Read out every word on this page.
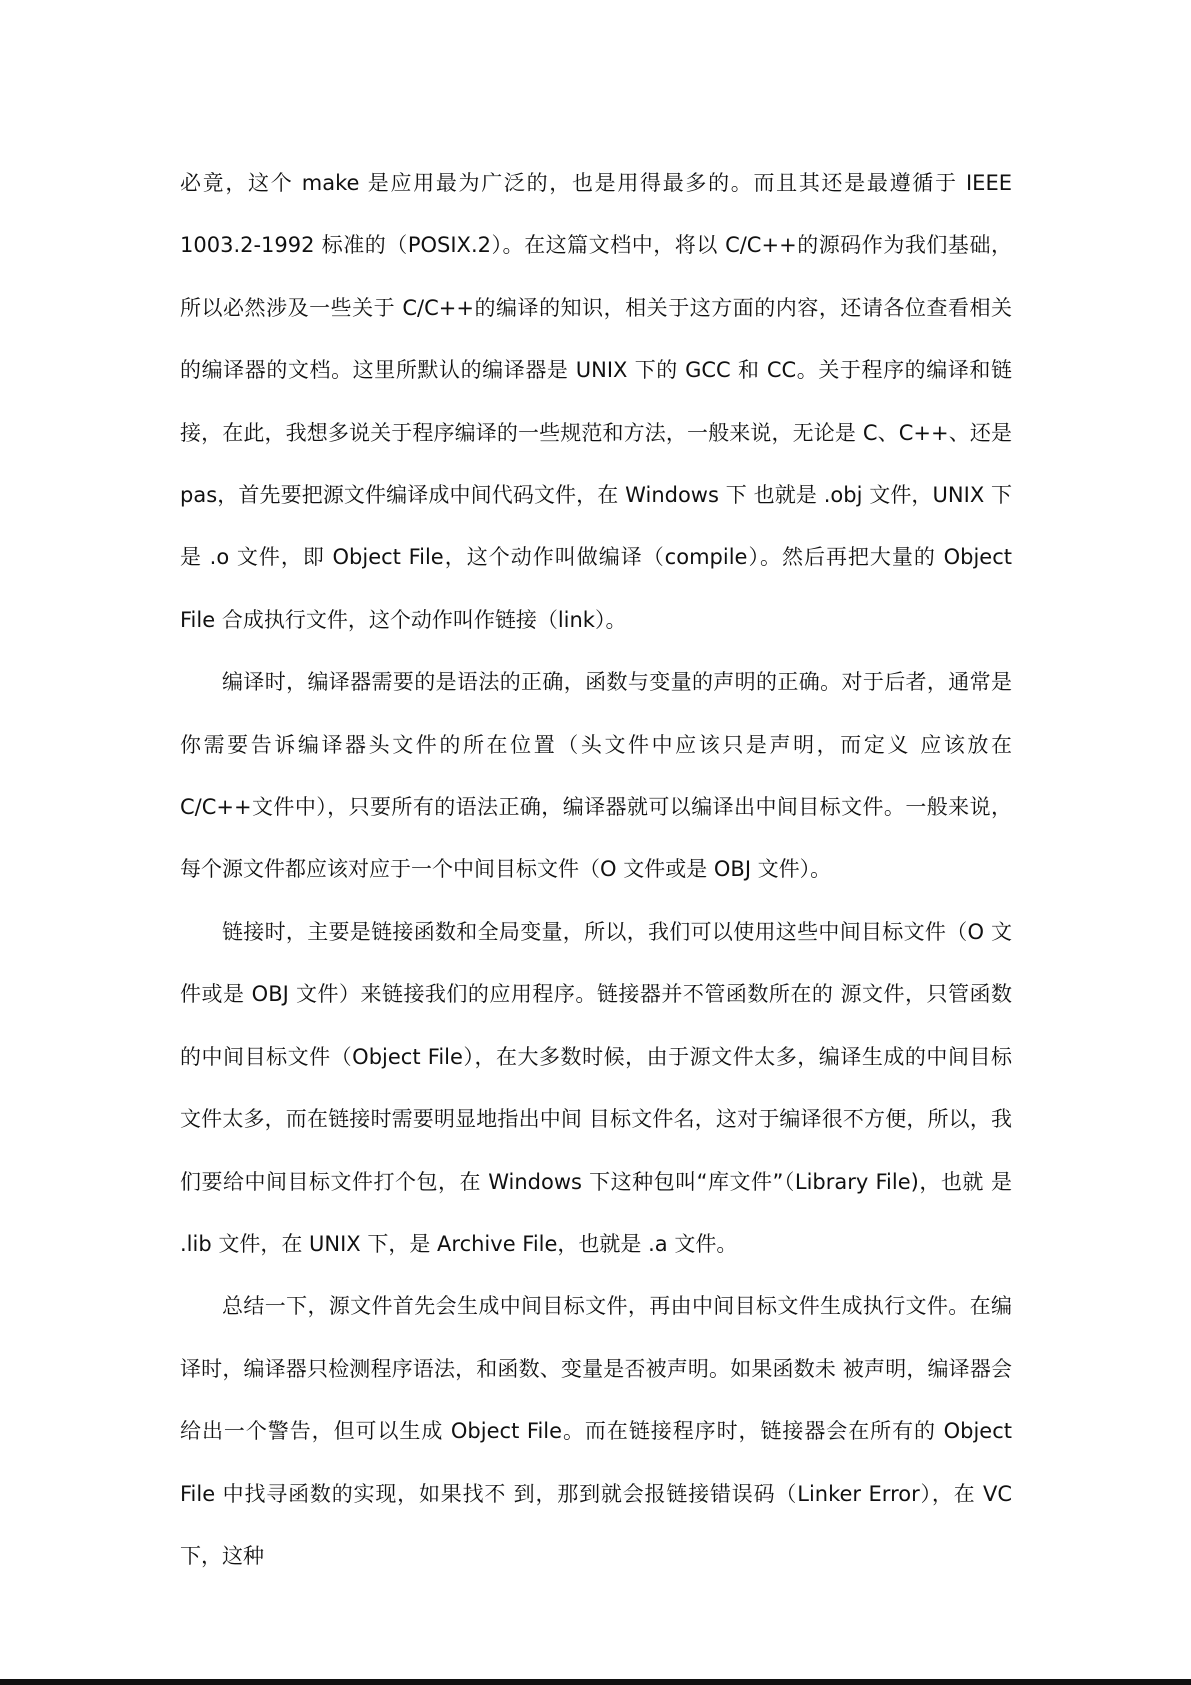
必竟，这个 make 是应用最为广泛的，也是用得最多的。而且其还是最遵循于 IEEE 1003.2-1992 标准的（POSIX.2）。在这篇文档中，将以 C/C++的源码作为我们基础，所以必然涉及一些关于 C/C++的编译的知识，相关于这方面的内容，还请各位查看相关的编译器的文档。这里所默认的编译器是 UNIX 下的 GCC 和 CC。关于程序的编译和链接，在此，我想多说关于程序编译的一些规范和方法，一般来说，无论是 C、C++、还是 pas，首先要把源文件编译成中间代码文件，在 Windows 下 也就是 .obj 文件，UNIX 下是 .o 文件，即 Object File，这个动作叫做编译（compile）。然后再把大量的 Object File 合成执行文件，这个动作叫作链接（link）。

编译时，编译器需要的是语法的正确，函数与变量的声明的正确。对于后者，通常是你需要告诉编译器头文件的所在位置（头文件中应该只是声明，而定义 应该放在 C/C++文件中），只要所有的语法正确，编译器就可以编译出中间目标文件。一般来说，每个源文件都应该对应于一个中间目标文件（O 文件或是 OBJ 文件）。

链接时，主要是链接函数和全局变量，所以，我们可以使用这些中间目标文件（O 文件或是 OBJ 文件）来链接我们的应用程序。链接器并不管函数所在的 源文件，只管函数的中间目标文件（Object File），在大多数时候，由于源文件太多，编译生成的中间目标文件太多，而在链接时需要明显地指出中间 目标文件名，这对于编译很不方便，所以，我们要给中间目标文件打个包，在 Windows 下这种包叫“库文件”（Library File)，也就 是 .lib 文件，在 UNIX 下，是 Archive File，也就是 .a 文件。

总结一下，源文件首先会生成中间目标文件，再由中间目标文件生成执行文件。在编译时，编译器只检测程序语法，和函数、变量是否被声明。如果函数未 被声明，编译器会给出一个警告，但可以生成 Object File。而在链接程序时，链接器会在所有的 Object File 中找寻函数的实现，如果找不 到，那到就会报链接错误码（Linker Error），在 VC 下，这种
